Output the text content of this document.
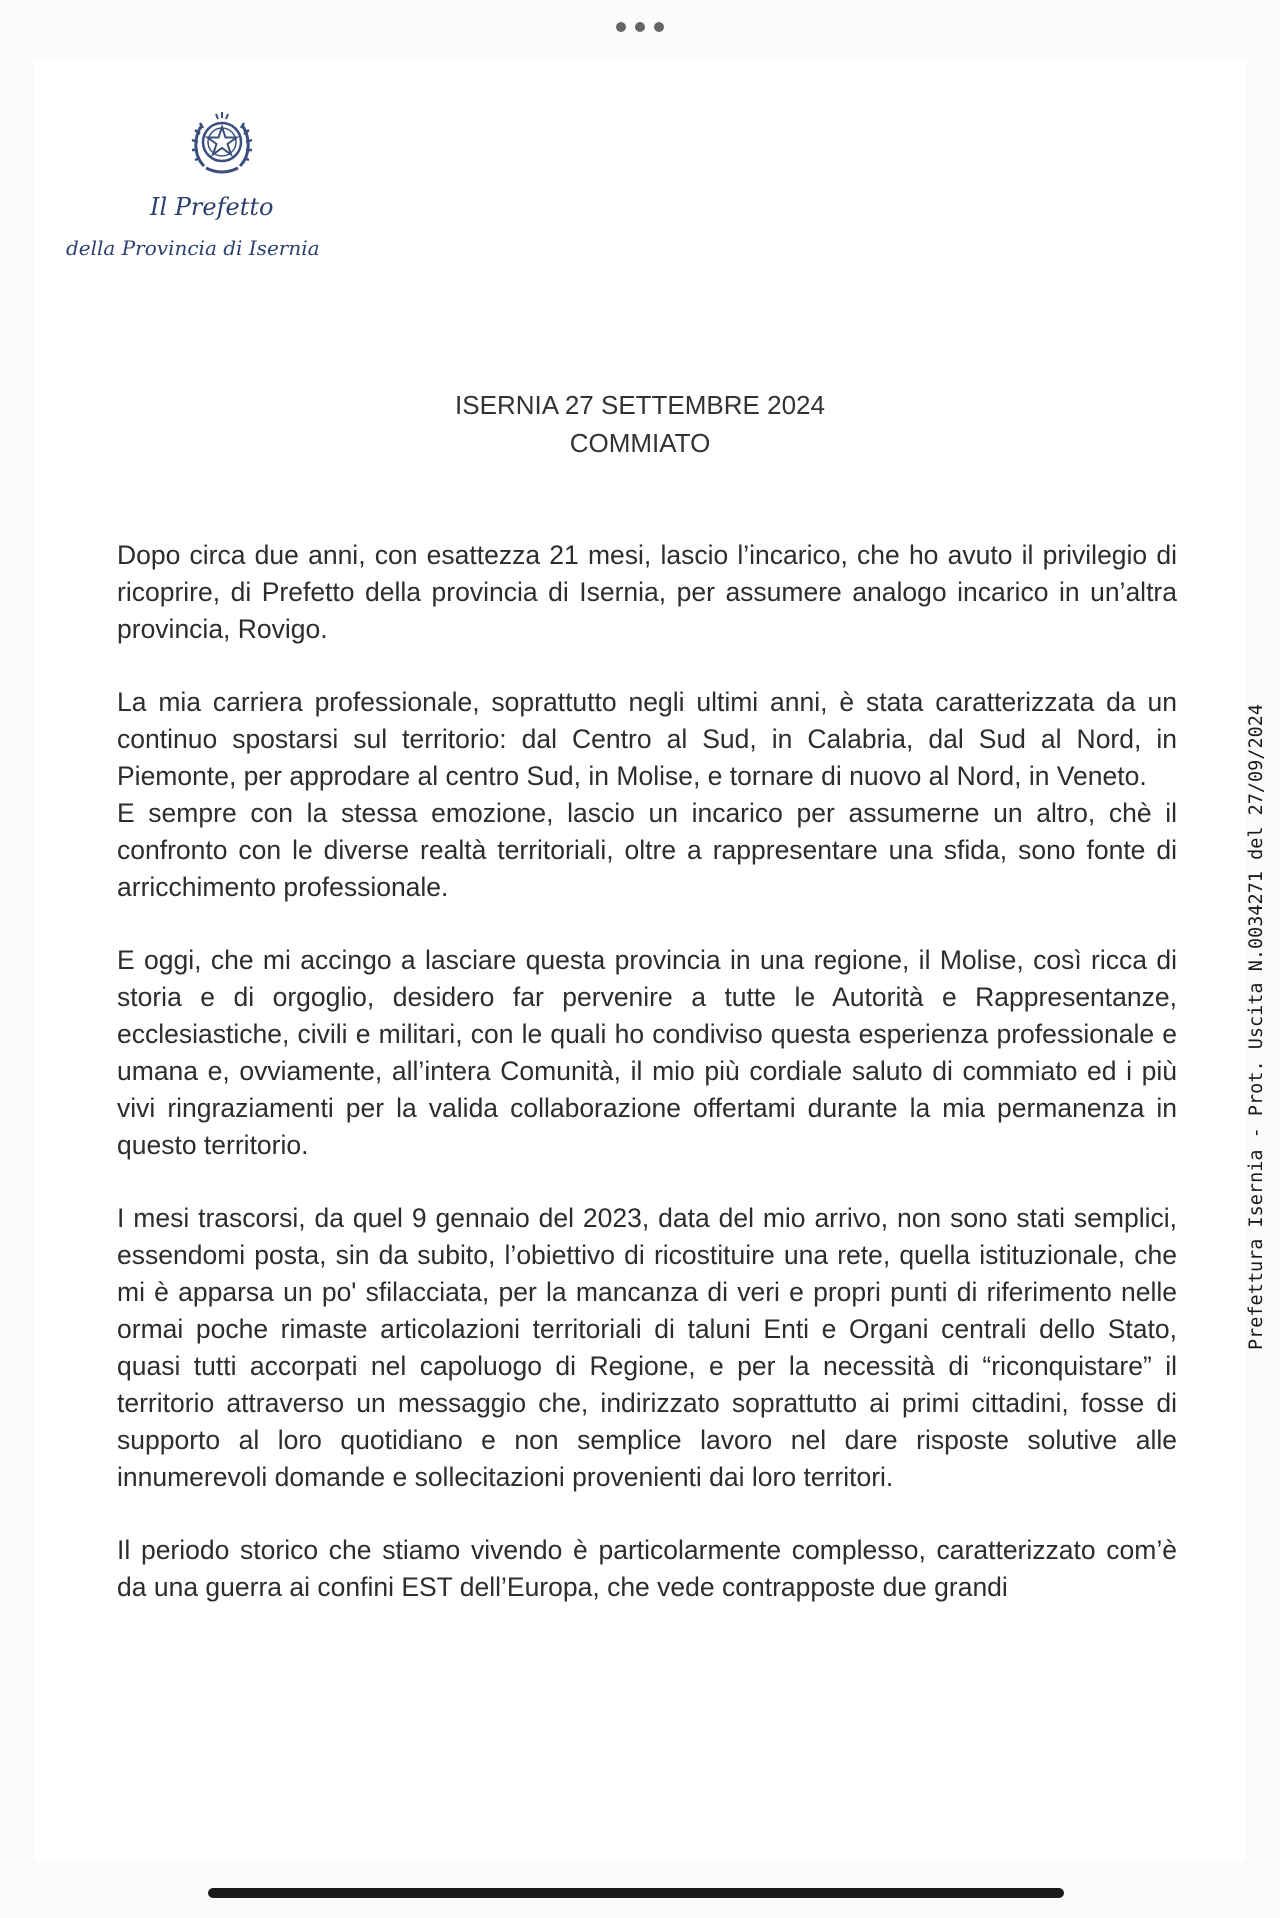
Il Prefetto
della Provincia di Isernia
ISERNIA 27 SETTEMBRE 2024
COMMIATO

Dopo circa due anni, con esattezza 21 mesi, lascio l’incarico, che ho avuto il privilegio di ricoprire, di Prefetto della provincia di Isernia, per assumere analogo incarico in un’altra provincia, Rovigo.

La mia carriera professionale, soprattutto negli ultimi anni, è stata caratterizzata da un continuo spostarsi sul territorio: dal Centro al Sud, in Calabria, dal Sud al Nord, in Piemonte, per approdare al centro Sud, in Molise, e tornare di nuovo al Nord, in Veneto.

E sempre con la stessa emozione, lascio un incarico per assumerne un altro, chè il confronto con le diverse realtà territoriali, oltre a rappresentare una sfida, sono fonte di arricchimento professionale.

E oggi, che mi accingo a lasciare questa provincia in una regione, il Molise, così ricca di storia e di orgoglio, desidero far pervenire a tutte le Autorità e Rappresentanze, ecclesiastiche, civili e militari, con le quali ho condiviso questa esperienza professionale e umana e, ovviamente, all’intera Comunità, il mio più cordiale saluto di commiato ed i più vivi ringraziamenti per la valida collaborazione offertami durante la mia permanenza in questo territorio.

I mesi trascorsi, da quel 9 gennaio del 2023, data del mio arrivo, non sono stati semplici, essendomi posta, sin da subito, l’obiettivo di ricostituire una rete, quella istituzionale, che mi è apparsa un po' sfilacciata, per la mancanza di veri e propri punti di riferimento nelle ormai poche rimaste articolazioni territoriali di taluni Enti e Organi centrali dello Stato, quasi tutti accorpati nel capoluogo di Regione, e per la necessità di “riconquistare” il territorio attraverso un messaggio che, indirizzato soprattutto ai primi cittadini, fosse di supporto al loro quotidiano e non semplice lavoro nel dare risposte solutive alle innumerevoli domande e sollecitazioni provenienti dai loro territori.

Il periodo storico che stiamo vivendo è particolarmente complesso, caratterizzato com’è da una guerra ai confini EST dell’Europa, che vede contrapposte due grandi

Prefettura Isernia - Prot. Uscita N.0034271 del 27/09/2024
